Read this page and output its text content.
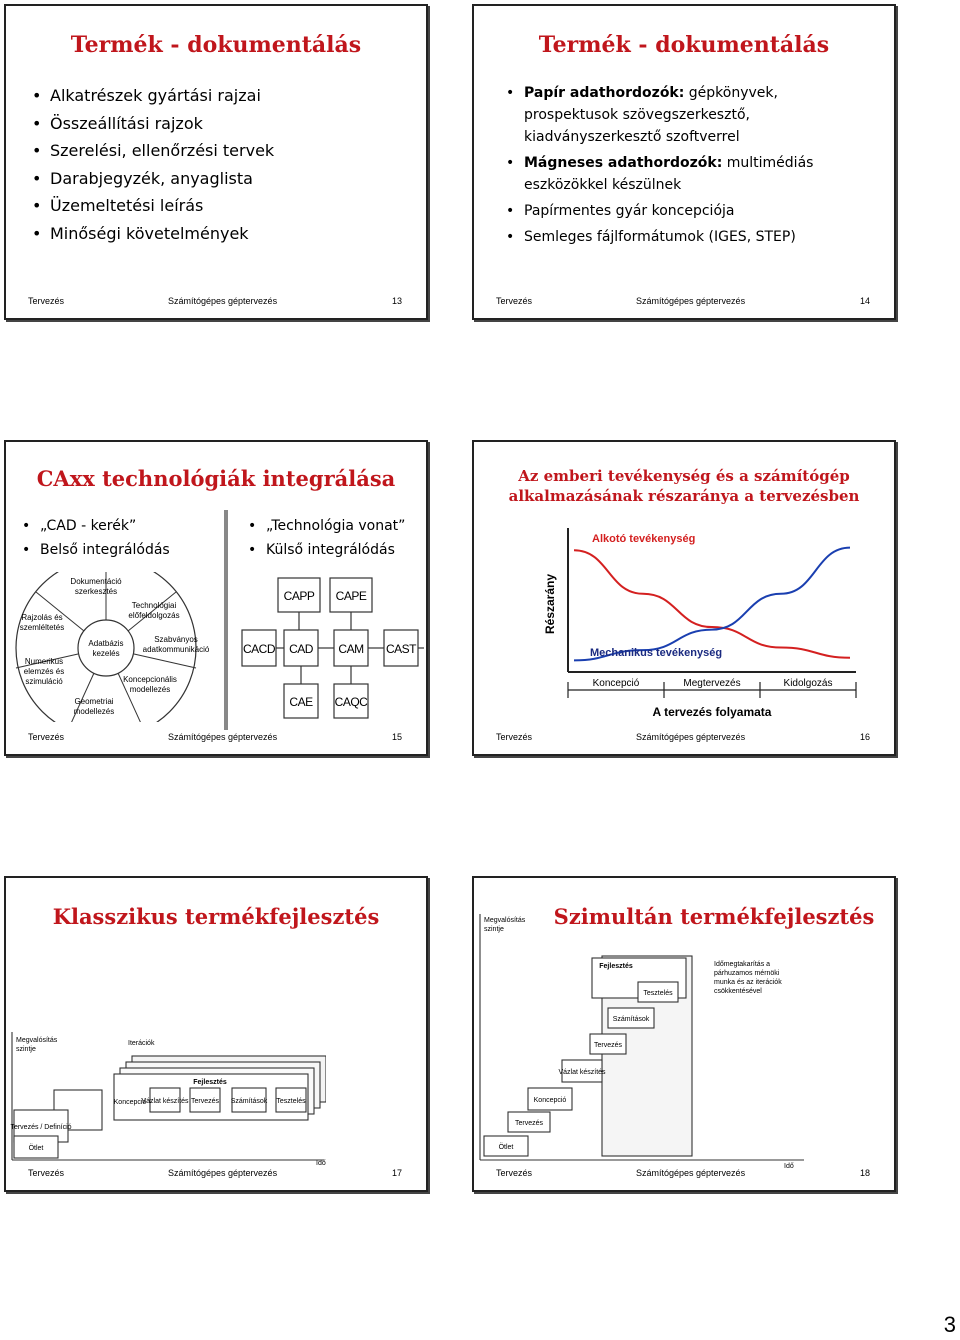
Termék - dokumentálás
• Alkatrészek gyártási rajzai
• Összeállítási rajzok
• Szerelési, ellenőrzési tervek
• Darabjegyzék, anyaglista
• Üzemeltetési leírás
• Minőségi követelmények
Tervezés	Számítógépes géptervezés	13
Termék - dokumentálás
• Papír adathordozók: gépkönyvek, prospektusok szövegszerkesztő, kiadványszerkesztő szoftverrel
• Mágneses adathordozók: multimédiás eszközökkel készülnek
• Papírmentes gyár koncepciója
• Semleges fájlformátumok (IGES, STEP)
Tervezés	Számítógépes géptervezés	14
CAxx technológiák integrálása
• „CAD - kerék”
• Belső integrálódás
• „Technológia vonat”
• Külső integrálódás
Adatbázis
kezelés
Dokumentáció
szerkesztés
Technológiai
előfeldolgozás
Szabványos
adatkommunikáció
Koncepcionális
modellezés
Geometriai
modellezés
Numerikus
elemzés és
szimuláció
Rajzolás és
szemléltetés
CAPP CAPE
CACD CAD CAM CAST
CAE CAQC
Tervezés	Számítógépes géptervezés	15
Az emberi tevékenység és a számítógép
alkalmazásának részaránya a tervezésben
Részarány
Alkotó tevékenység
Mechanikus tevékenység
Koncepció	Megtervezés	Kidolgozás
A tervezés folyamata
Tervezés	Számítógépes géptervezés	16
Klasszikus termékfejlesztés
Megvalósítás
szintje
Iterációk
Idő
Fejlesztés
Koncepció
Vázlat készítés Tervezés Számítások Tesztelés
Tervezés / Definíció
Ötlet
Tervezés	Számítógépes géptervezés	17
Szimultán termékfejlesztés
Megvalósítás
szintje
Idő
Időmegtakarítás a
párhuzamos mérnöki
munka és az iterációk
csökkentésével
Fejlesztés
Tesztelés
Számítások
Tervezés
Vázlat készítés
Koncepció
Tervezés
Ötlet
Tervezés	Számítógépes géptervezés	18
3
